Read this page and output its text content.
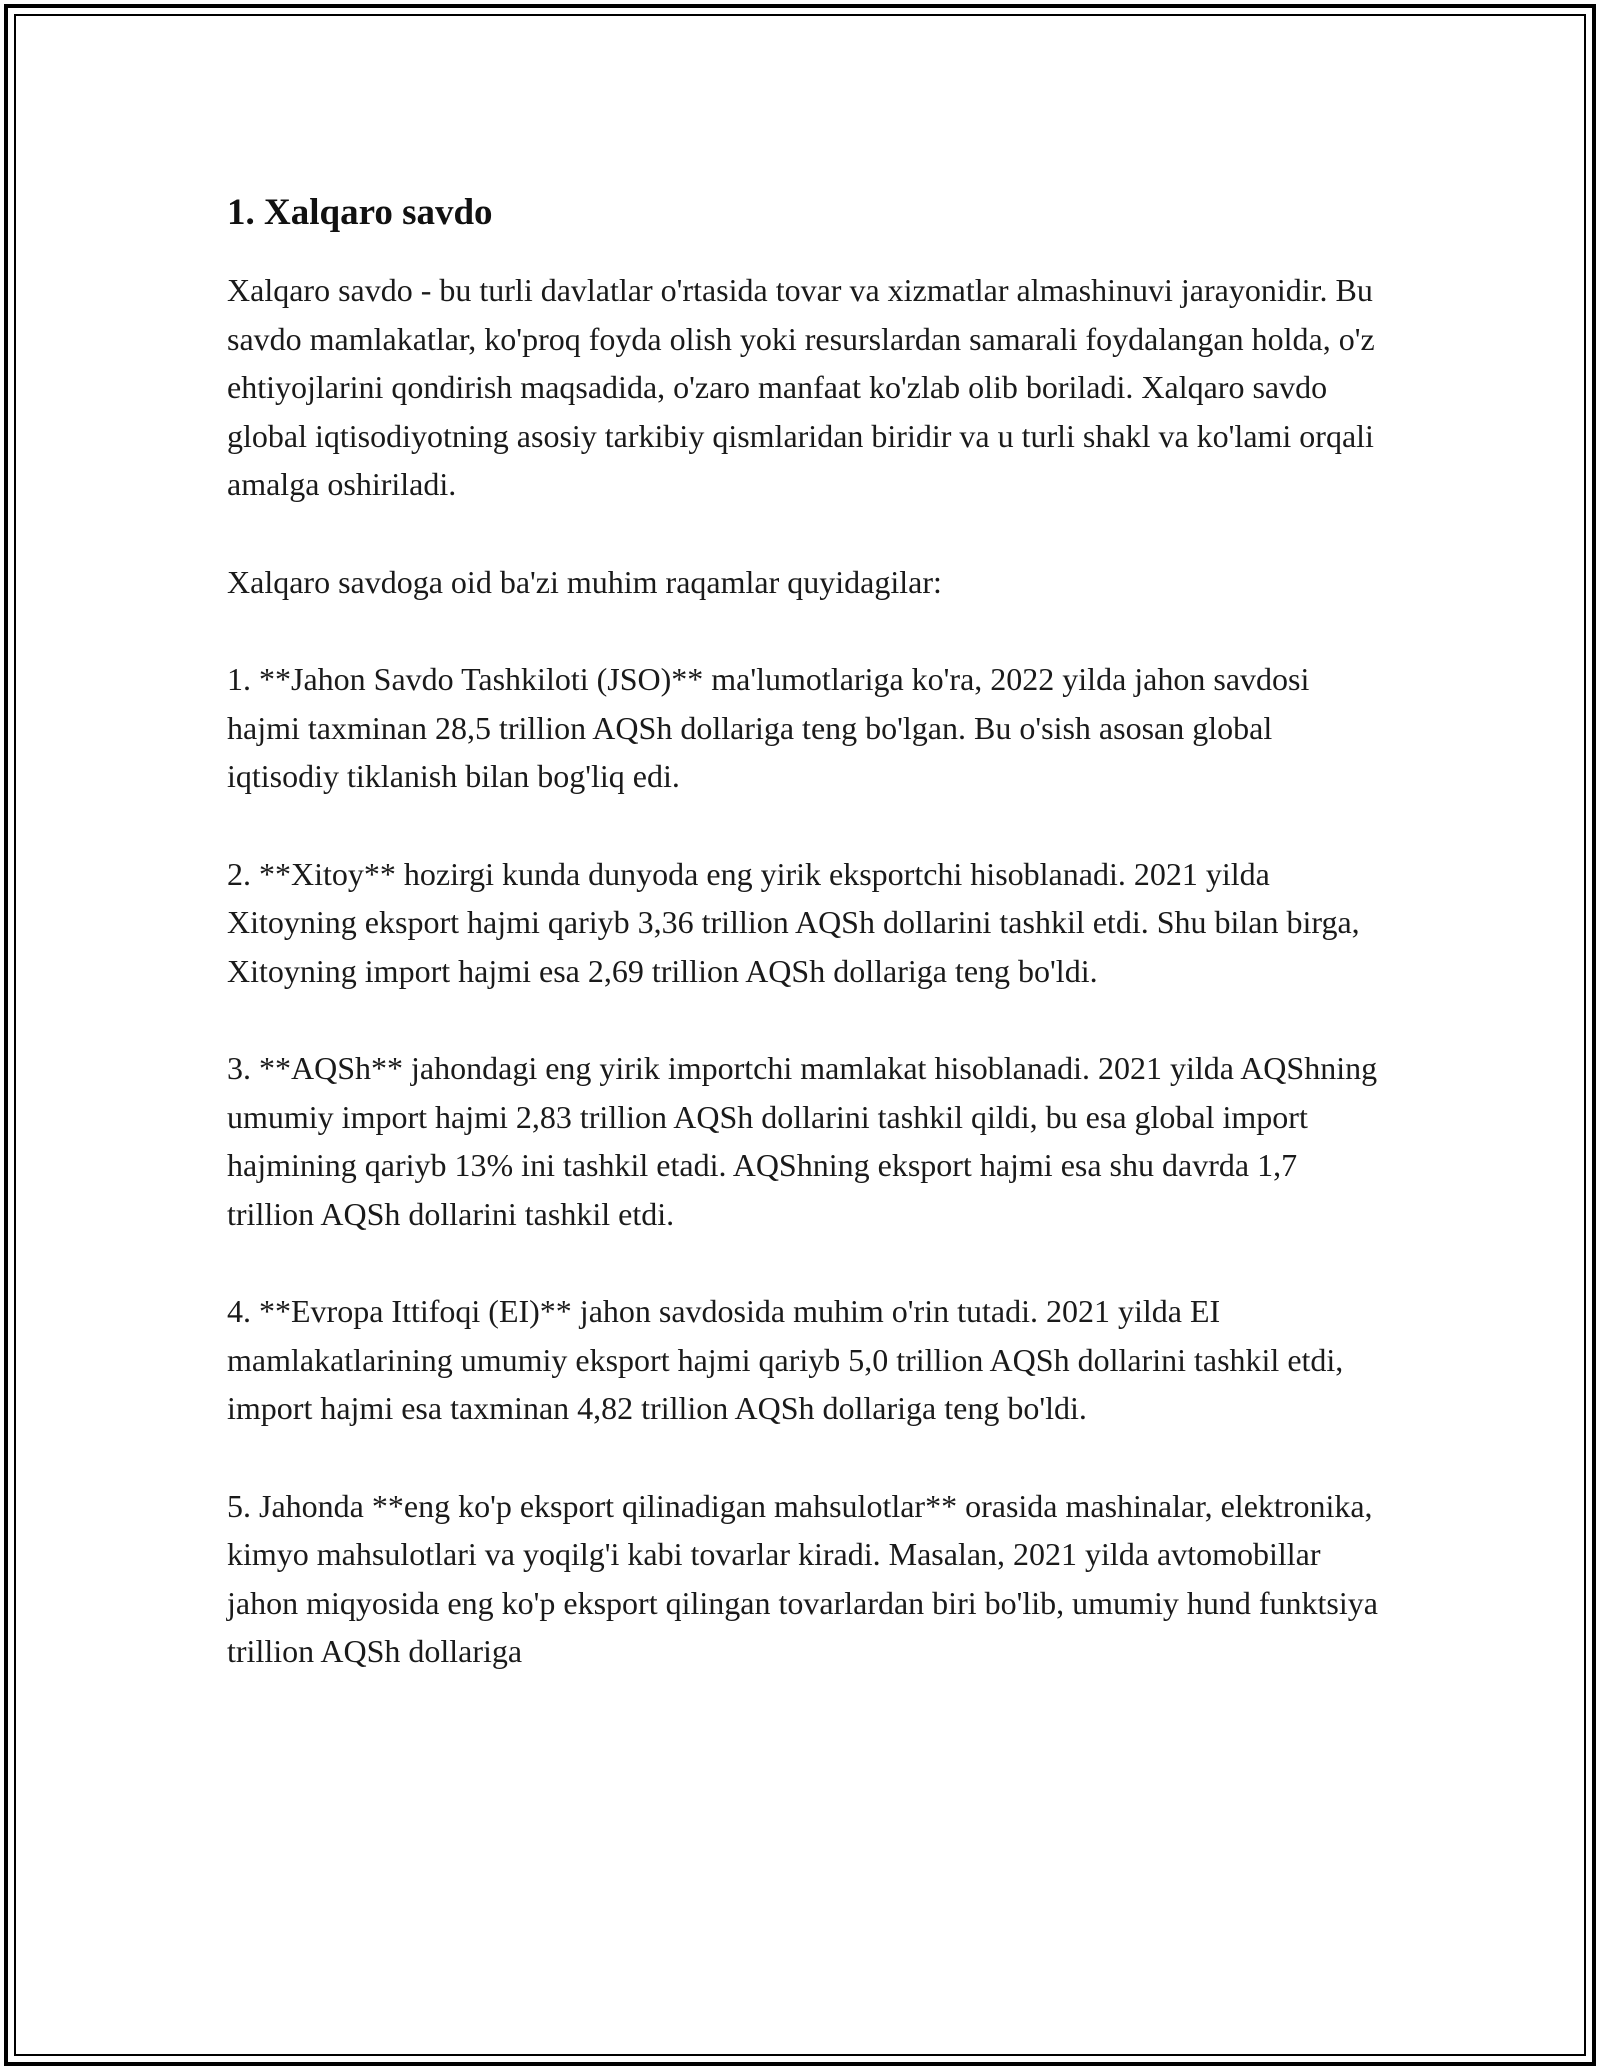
1. Xalqaro savdo

Xalqaro savdo - bu turli davlatlar o'rtasida tovar va xizmatlar almashinuvi jarayonidir. Bu savdo mamlakatlar, ko'proq foyda olish yoki resurslardan samarali foydalangan holda, o'z ehtiyojlarini qondirish maqsadida, o'zaro manfaat ko'zlab olib boriladi. Xalqaro savdo global iqtisodiyotning asosiy tarkibiy qismlaridan biridir va u turli shakl va ko'lami orqali amalga oshiriladi.

Xalqaro savdoga oid ba'zi muhim raqamlar quyidagilar:

1. **Jahon Savdo Tashkiloti (JSO)** ma'lumotlariga ko'ra, 2022 yilda jahon savdosi hajmi taxminan 28,5 trillion AQSh dollariga teng bo'lgan. Bu o'sish asosan global iqtisodiy tiklanish bilan bog'liq edi.

2. **Xitoy** hozirgi kunda dunyoda eng yirik eksportchi hisoblanadi. 2021 yilda Xitoyning eksport hajmi qariyb 3,36 trillion AQSh dollarini tashkil etdi. Shu bilan birga, Xitoyning import hajmi esa 2,69 trillion AQSh dollariga teng bo'ldi.

3. **AQSh** jahondagi eng yirik importchi mamlakat hisoblanadi. 2021 yilda AQShning umumiy import hajmi 2,83 trillion AQSh dollarini tashkil qildi, bu esa global import hajmining qariyb 13% ini tashkil etadi. AQShning eksport hajmi esa shu davrda 1,7 trillion AQSh dollarini tashkil etdi.

4. **Evropa Ittifoqi (EI)** jahon savdosida muhim o'rin tutadi. 2021 yilda EI mamlakatlarining umumiy eksport hajmi qariyb 5,0 trillion AQSh dollarini tashkil etdi, import hajmi esa taxminan 4,82 trillion AQSh dollariga teng bo'ldi.

5. Jahonda **eng ko'p eksport qilinadigan mahsulotlar** orasida mashinalar, elektronika, kimyo mahsulotlari va yoqilg'i kabi tovarlar kiradi. Masalan, 2021 yilda avtomobillar jahon miqyosida eng ko'p eksport qilingan tovarlardan biri bo'lib, umumiy hund funktsiya trillion AQSh dollariga
